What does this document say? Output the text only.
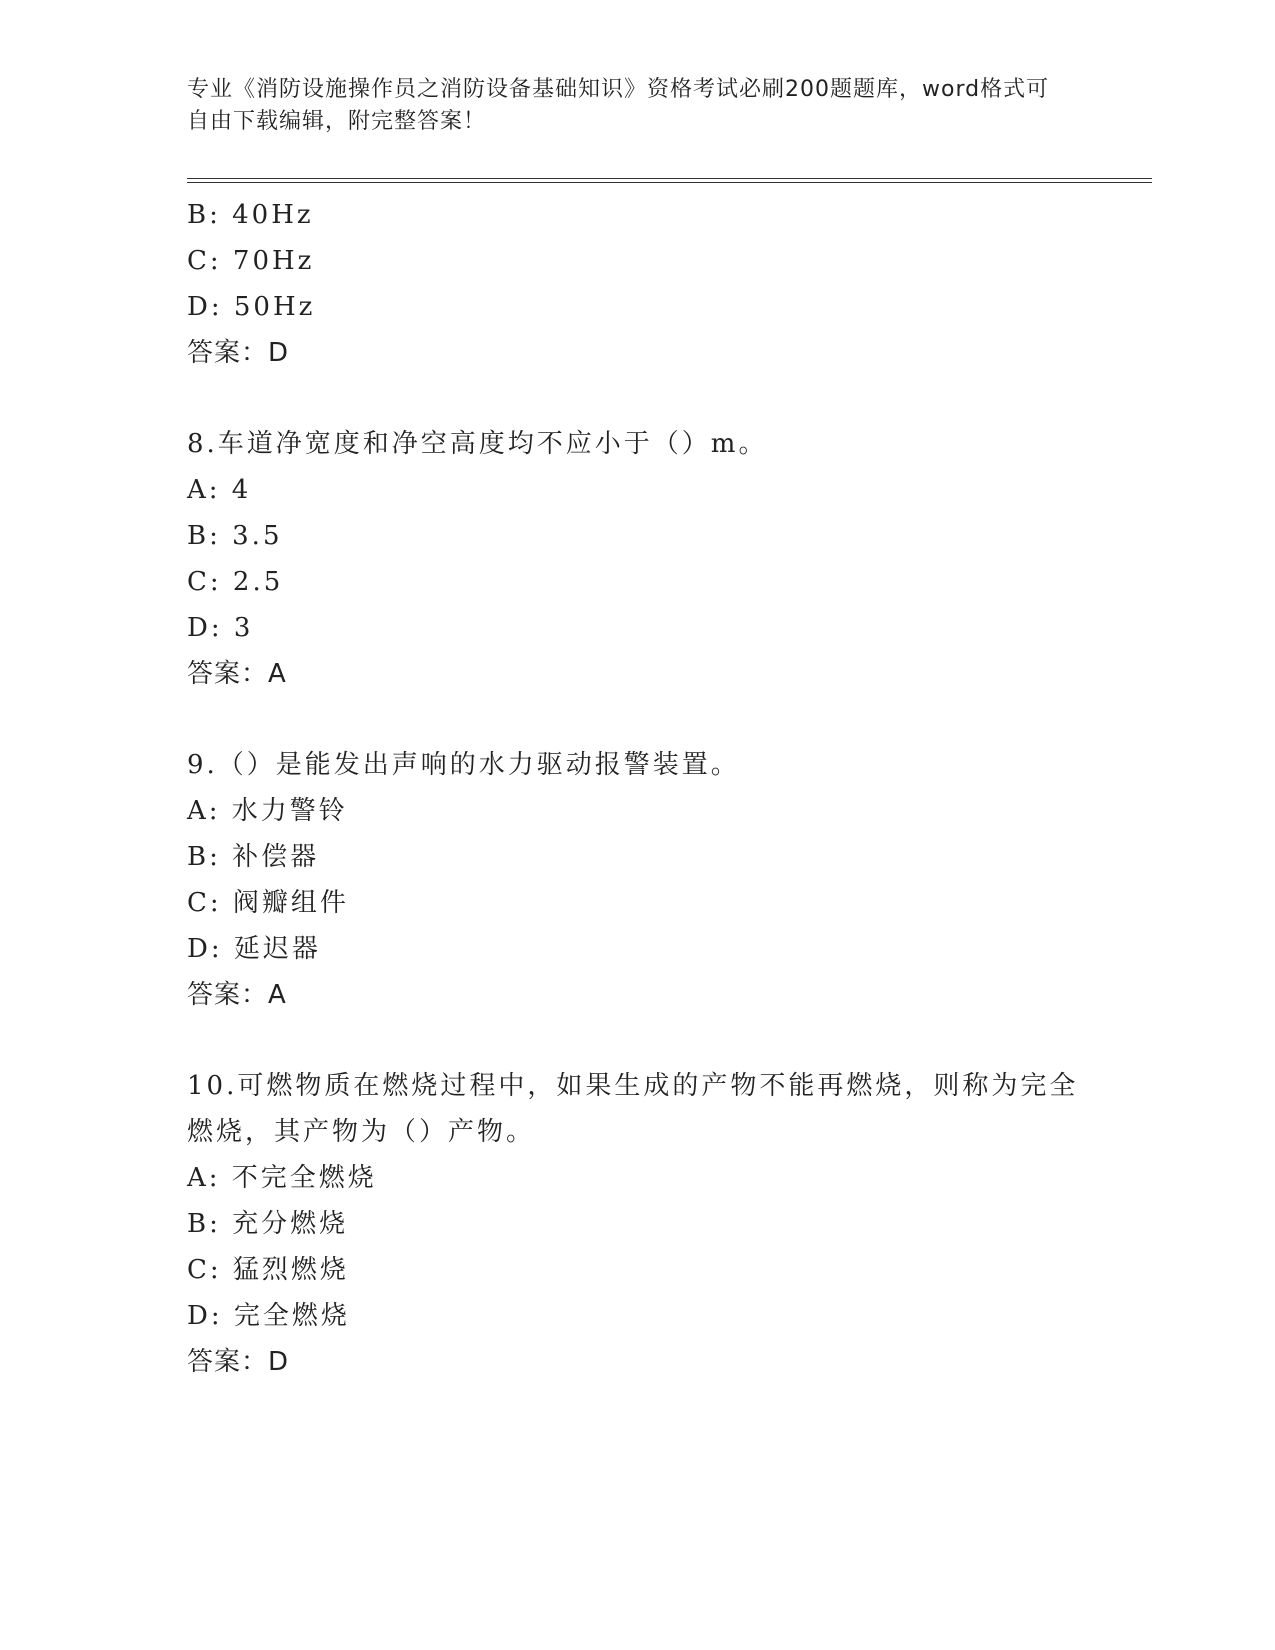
专业《消防设施操作员之消防设备基础知识》资格考试必刷200题题库，word格式可自由下载编辑，附完整答案！
B: 40Hz
C: 70Hz
D: 50Hz
答案：D
8.车道净宽度和净空高度均不应小于（）m。
A: 4
B: 3.5
C: 2.5
D: 3
答案：A
9.（）是能发出声响的水力驱动报警装置。
A: 水力警铃
B: 补偿器
C: 阀瓣组件
D: 延迟器
答案：A
10.可燃物质在燃烧过程中，如果生成的产物不能再燃烧，则称为完全燃烧，其产物为（）产物。
A: 不完全燃烧
B: 充分燃烧
C: 猛烈燃烧
D: 完全燃烧
答案：D
